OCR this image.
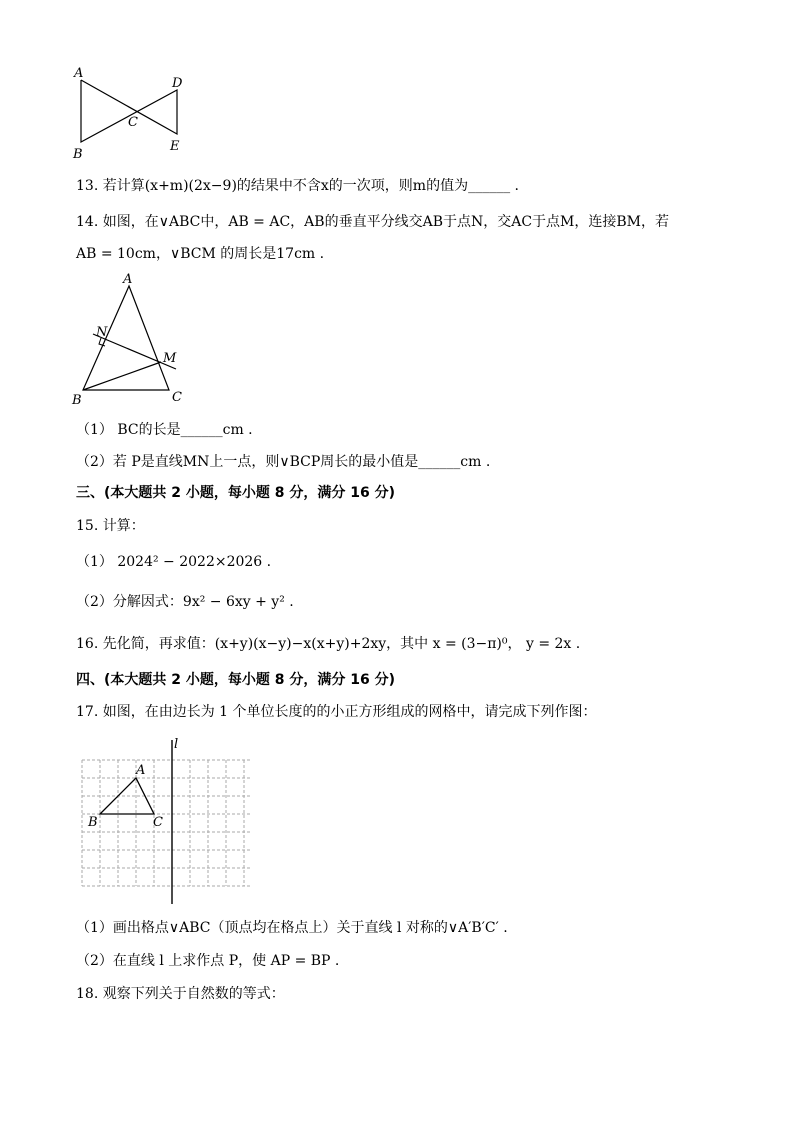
A
B
C
D
E
13. 若计算(x+m)(2x−9)的结果中不含x的一次项，则m的值为______ .
14. 如图，在∨ABC中，AB = AC，AB的垂直平分线交AB于点N，交AC于点M，连接BM，若
AB = 10cm，∨BCM 的周长是17cm .
A
N
M
B	C
（1） BC的长是______cm .
（2）若 P是直线MN上一点，则∨BCP周长的最小值是______cm .
三、(本大题共 2 小题，每小题 8 分，满分 16 分)
15. 计算：
（1） 2024² − 2022×2026 .
（2）分解因式：9x² − 6xy + y² .
16. 先化简，再求值：(x+y)(x−y)−x(x+y)+2xy，其中 x = (3−π)⁰， y = 2x .
四、(本大题共 2 小题，每小题 8 分，满分 16 分)
17. 如图，在由边长为 1 个单位长度的的小正方形组成的网格中，请完成下列作图：
l
A
B	C
（1）画出格点∨ABC（顶点均在格点上）关于直线 l 对称的∨A′B′C′ .
（2）在直线 l 上求作点 P，使 AP = BP .
18. 观察下列关于自然数的等式：
